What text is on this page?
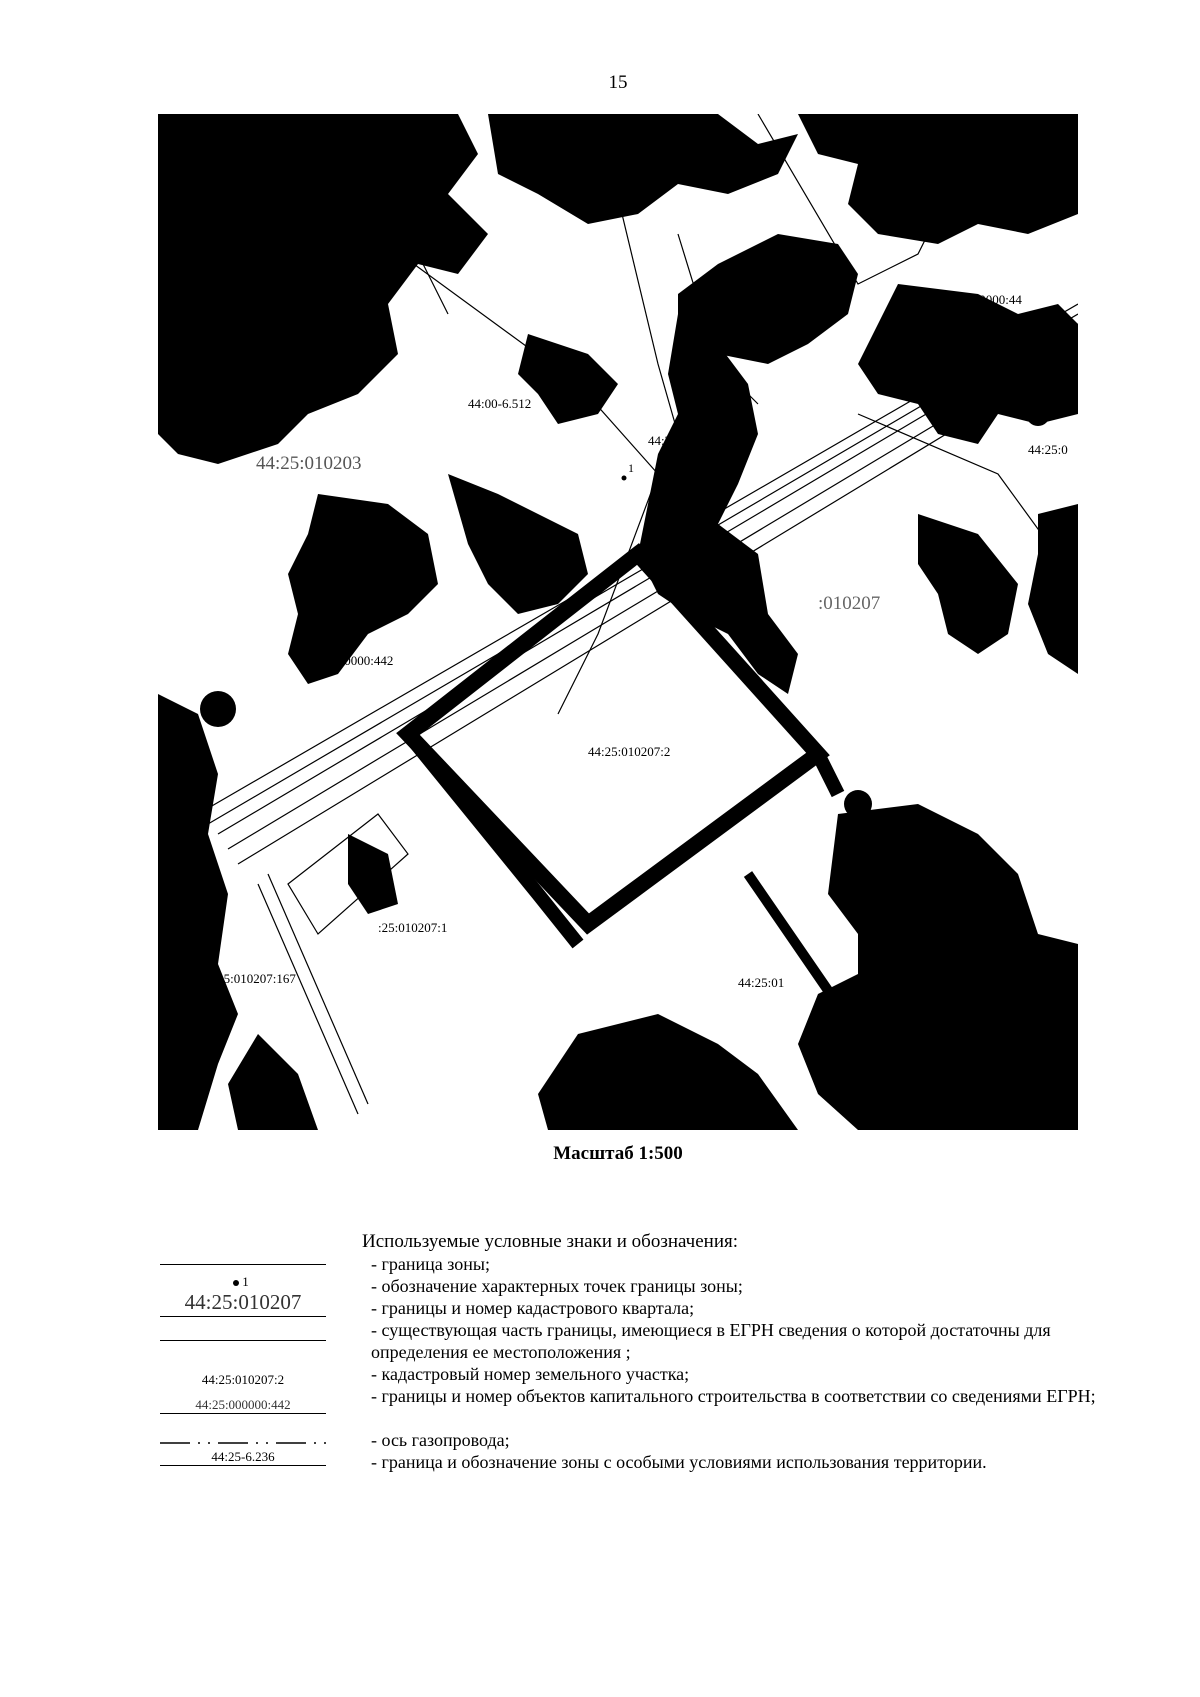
15
44:25:010203
:010207
44:25:0
44:00-6.512
44:25-6.236
1
2
44:25:000000:442
44:25:000000:44
44:25:010207:2
:25:010207:1
:5:010207:167	44:25:01
Масштаб 1:500
Используемые условные знаки и обозначения:
1
44:25:010207
44:25:010207:2
44:25:000000:442
44:25-6.236
- граница зоны;
- обозначение характерных точек границы зоны;
- границы и номер кадастрового квартала;
- существующая часть границы, имеющиеся в ЕГРН сведения о которой достаточны для определения ее местоположения ;
- кадастровый номер земельного участка;
- границы и номер объектов капитального строительства в соответствии со сведениями ЕГРН;
- ось газопровода;
- граница и обозначение зоны с особыми условиями использования территории.
